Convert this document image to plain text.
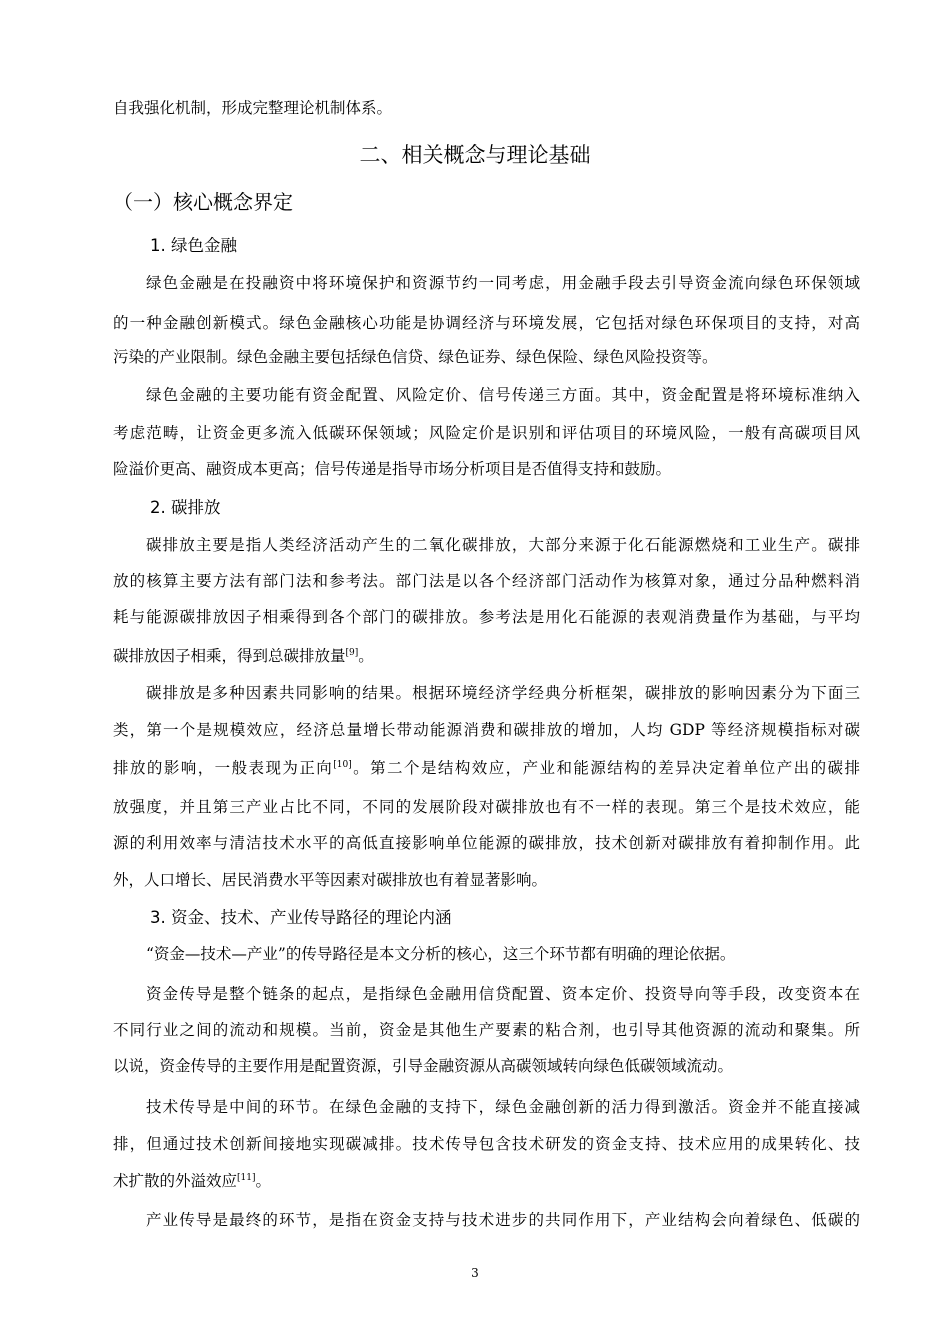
自我强化机制，形成完整理论机制体系。
二、相关概念与理论基础
（一）核心概念界定
1. 绿色金融
绿色金融是在投融资中将环境保护和资源节约一同考虑，用金融手段去引导资金流向绿色环保领域
的一种金融创新模式。绿色金融核心功能是协调经济与环境发展，它包括对绿色环保项目的支持，对高
污染的产业限制。绿色金融主要包括绿色信贷、绿色证券、绿色保险、绿色风险投资等。
绿色金融的主要功能有资金配置、风险定价、信号传递三方面。其中，资金配置是将环境标准纳入
考虑范畴，让资金更多流入低碳环保领域；风险定价是识别和评估项目的环境风险，一般有高碳项目风
险溢价更高、融资成本更高；信号传递是指导市场分析项目是否值得支持和鼓励。
2. 碳排放
碳排放主要是指人类经济活动产生的二氧化碳排放，大部分来源于化石能源燃烧和工业生产。碳排
放的核算主要方法有部门法和参考法。部门法是以各个经济部门活动作为核算对象，通过分品种燃料消
耗与能源碳排放因子相乘得到各个部门的碳排放。参考法是用化石能源的表观消费量作为基础，与平均
碳排放因子相乘，得到总碳排放量[9]。
碳排放是多种因素共同影响的结果。根据环境经济学经典分析框架，碳排放的影响因素分为下面三
类，第一个是规模效应，经济总量增长带动能源消费和碳排放的增加，人均 GDP 等经济规模指标对碳
排放的影响，一般表现为正向[10]。第二个是结构效应，产业和能源结构的差异决定着单位产出的碳排
放强度，并且第三产业占比不同，不同的发展阶段对碳排放也有不一样的表现。第三个是技术效应，能
源的利用效率与清洁技术水平的高低直接影响单位能源的碳排放，技术创新对碳排放有着抑制作用。此
外，人口增长、居民消费水平等因素对碳排放也有着显著影响。
3. 资金、技术、产业传导路径的理论内涵
“资金—技术—产业”的传导路径是本文分析的核心，这三个环节都有明确的理论依据。
资金传导是整个链条的起点，是指绿色金融用信贷配置、资本定价、投资导向等手段，改变资本在
不同行业之间的流动和规模。当前，资金是其他生产要素的粘合剂，也引导其他资源的流动和聚集。所
以说，资金传导的主要作用是配置资源，引导金融资源从高碳领域转向绿色低碳领域流动。
技术传导是中间的环节。在绿色金融的支持下，绿色金融创新的活力得到激活。资金并不能直接减
排，但通过技术创新间接地实现碳减排。技术传导包含技术研发的资金支持、技术应用的成果转化、技
术扩散的外溢效应[11]。
产业传导是最终的环节，是指在资金支持与技术进步的共同作用下，产业结构会向着绿色、低碳的
3
